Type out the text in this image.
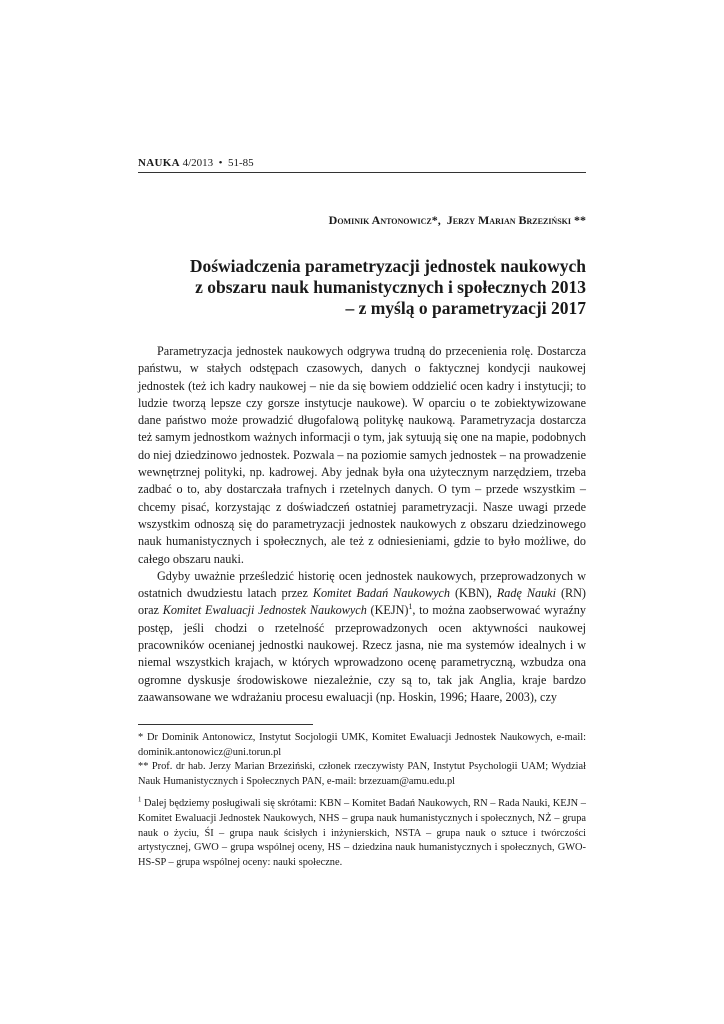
NAUKA 4/2013 • 51-85
Dominik Antonowicz*, Jerzy Marian Brzeziński **
Doświadczenia parametryzacji jednostek naukowych
z obszaru nauk humanistycznych i społecznych 2013
– z myślą o parametryzacji 2017

Parametryzacja jednostek naukowych odgrywa trudną do przecenienia rolę. Dostarcza państwu, w stałych odstępach czasowych, danych o faktycznej kondycji naukowej jednostek (też ich kadry naukowej – nie da się bowiem oddzielić ocen kadry i instytucji; to ludzie tworzą lepsze czy gorsze instytucje naukowe). W oparciu o te zobiektywizowane dane państwo może prowadzić długofalową politykę naukową. Parametryzacja dostarcza też samym jednostkom ważnych informacji o tym, jak sytuują się one na mapie, podobnych do niej dziedzinowo jednostek. Pozwala – na poziomie samych jednostek – na prowadzenie wewnętrznej polityki, np. kadrowej. Aby jednak była ona użytecznym narzędziem, trzeba zadbać o to, aby dostarczała trafnych i rzetelnych danych. O tym – przede wszystkim – chcemy pisać, korzystając z doświadczeń ostatniej parametryzacji. Nasze uwagi przede wszystkim odnoszą się do parametryzacji jednostek naukowych z obszaru dziedzinowego nauk humanistycznych i społecznych, ale też z odniesieniami, gdzie to było możliwe, do całego obszaru nauki.

Gdyby uważnie prześledzić historię ocen jednostek naukowych, przeprowadzonych w ostatnich dwudziestu latach przez Komitet Badań Naukowych (KBN), Radę Nauki (RN) oraz Komitet Ewaluacji Jednostek Naukowych (KEJN)$^1$, to można zaobserwować wyraźny postęp, jeśli chodzi o rzetelność przeprowadzonych ocen aktywności naukowej pracowników ocenianej jednostki naukowej. Rzecz jasna, nie ma systemów idealnych i w niemal wszystkich krajach, w których wprowadzono ocenę parametryczną, wzbudza ona ogromne dyskusje środowiskowe niezależnie, czy są to, tak jak Anglia, kraje bardzo zaawansowane we wdrażaniu procesu ewaluacji (np. Hoskin, 1996; Haare, 2003), czy

* Dr Dominik Antonowicz, Instytut Socjologii UMK, Komitet Ewaluacji Jednostek Naukowych, e-mail: dominik.antonowicz@uni.torun.pl

** Prof. dr hab. Jerzy Marian Brzeziński, członek rzeczywisty PAN, Instytut Psychologii UAM; Wydział Nauk Humanistycznych i Społecznych PAN, e-mail: brzezuam@amu.edu.pl

$^1$ Dalej będziemy posługiwali się skrótami: KBN – Komitet Badań Naukowych, RN – Rada Nauki, KEJN – Komitet Ewaluacji Jednostek Naukowych, NHS – grupa nauk humanistycznych i społecznych, NŻ – grupa nauk o życiu, ŚI – grupa nauk ścisłych i inżynierskich, NSTA – grupa nauk o sztuce i twórczości artystycznej, GWO – grupa wspólnej oceny, HS – dziedzina nauk humanistycznych i społecznych, GWO-HS-SP – grupa wspólnej oceny: nauki społeczne.
